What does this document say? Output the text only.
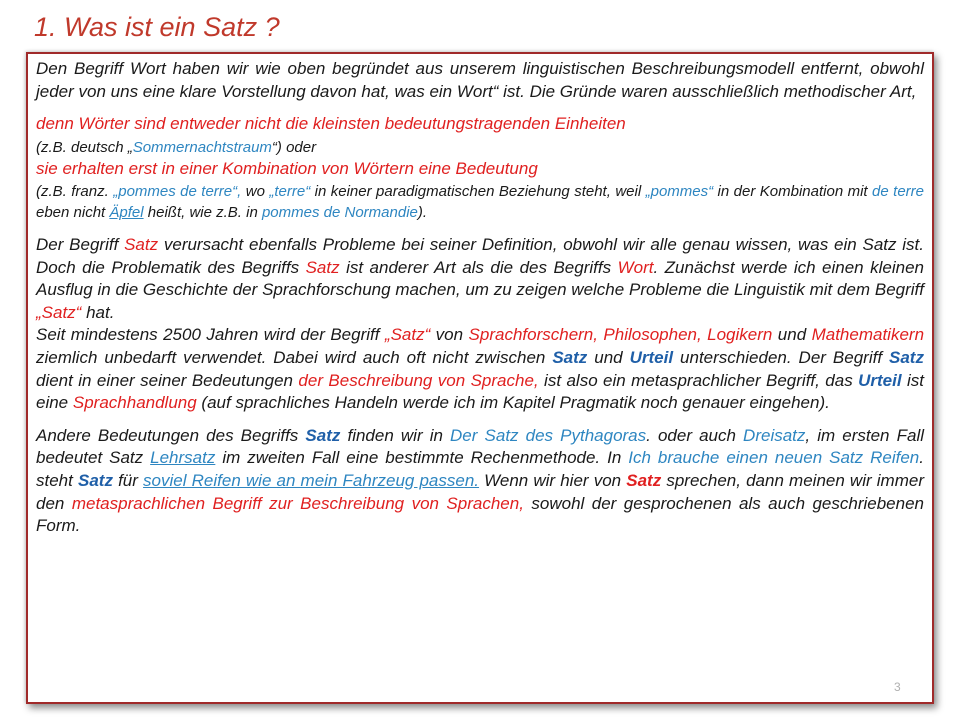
1. Was ist ein Satz ?

Den Begriff Wort haben wir wie oben begründet aus unserem linguistischen Beschreibungsmodell entfernt, obwohl jeder von uns eine klare Vorstellung davon hat, was ein Wort“ ist. Die Gründe waren ausschließlich methodischer Art,

denn Wörter sind entweder nicht die kleinsten bedeutungstragenden Einheiten
(z.B. deutsch „Sommernachtstraum“) oder
sie erhalten erst in einer Kombination von Wörtern eine Bedeutung

(z.B. franz. „pommes de terre“, wo „terre“ in keiner paradigmatischen Beziehung steht, weil „pommes“ in der Kombination mit de terre eben nicht Äpfel heißt, wie z.B. in pommes de Normandie).

Der Begriff Satz verursacht ebenfalls Probleme bei seiner Definition, obwohl wir alle genau wissen, was ein Satz ist. Doch die Problematik des Begriffs Satz ist anderer Art als die des Begriffs Wort. Zunächst werde ich einen kleinen Ausflug in die Geschichte der Sprachforschung machen, um zu zeigen welche Probleme die Linguistik mit dem Begriff „Satz“ hat.

Seit mindestens 2500 Jahren wird der Begriff „Satz“ von Sprachforschern, Philosophen, Logikern und Mathematikern ziemlich unbedarft verwendet. Dabei wird auch oft nicht zwischen Satz und Urteil unterschieden. Der Begriff Satz dient in einer seiner Bedeutungen der Beschreibung von Sprache, ist also ein metasprachlicher Begriff, das Urteil ist eine Sprachhandlung (auf sprachliches Handeln werde ich im Kapitel Pragmatik noch genauer eingehen).

Andere Bedeutungen des Begriffs Satz finden wir in Der Satz des Pythagoras. oder auch Dreisatz, im ersten Fall bedeutet Satz Lehrsatz im zweiten Fall eine bestimmte Rechenmethode. In Ich brauche einen neuen Satz Reifen. steht Satz für soviel Reifen wie an mein Fahrzeug passen. Wenn wir hier von Satz sprechen, dann meinen wir immer den metasprachlichen Begriff zur Beschreibung von Sprachen, sowohl der gesprochenen als auch geschriebenen Form.

3
